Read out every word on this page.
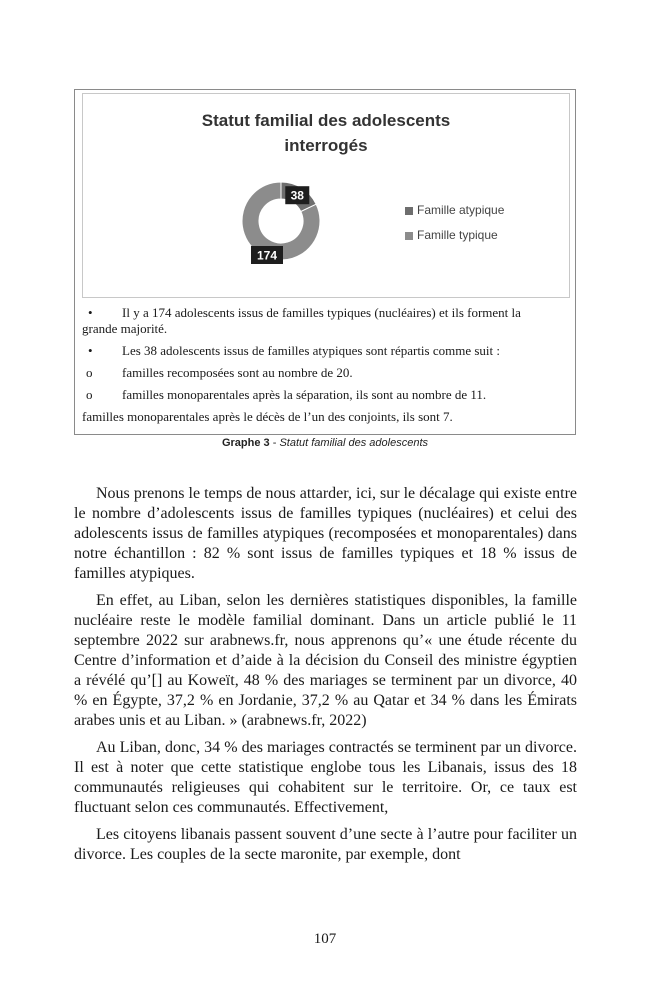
Statut familial des adolescents
interrogés
38
174
Famille atypique
Famille typique
• Il y a 174 adolescents issus de familles typiques (nucléaires) et ils forment la
grande majorité.
• Les 38 adolescents issus de familles atypiques sont répartis comme suit :
o familles recomposées sont au nombre de 20.
o familles monoparentales après la séparation, ils sont au nombre de 11.
familles monoparentales après le décès de l’un des conjoints, ils sont 7.
Graphe 3 - Statut familial des adolescents

Nous prenons le temps de nous attarder, ici, sur le décalage qui existe entre le nombre d’adolescents issus de familles typiques (nucléaires) et celui des adolescents issus de familles atypiques (recomposées et monoparentales) dans notre échantillon : 82 % sont issus de familles typiques et 18 % issus de familles atypiques.

En effet, au Liban, selon les dernières statistiques disponibles, la famille nucléaire reste le modèle familial dominant. Dans un article publié le 11 septembre 2022 sur arabnews.fr, nous apprenons qu’« une étude récente du Centre d’information et d’aide à la décision du Conseil des ministre égyptien a révélé qu’[] au Koweït, 48 % des mariages se terminent par un divorce, 40 % en Égypte, 37,2 % en Jordanie, 37,2 % au Qatar et 34 % dans les Émirats arabes unis et au Liban. » (arabnews.fr, 2022)

Au Liban, donc, 34 % des mariages contractés se terminent par un divorce. Il est à noter que cette statistique englobe tous les Libanais, issus des 18 communautés religieuses qui cohabitent sur le territoire. Or, ce taux est fluctuant selon ces communautés. Effectivement,

Les citoyens libanais passent souvent d’une secte à l’autre pour faciliter un divorce. Les couples de la secte maronite, par exemple, dont

107
